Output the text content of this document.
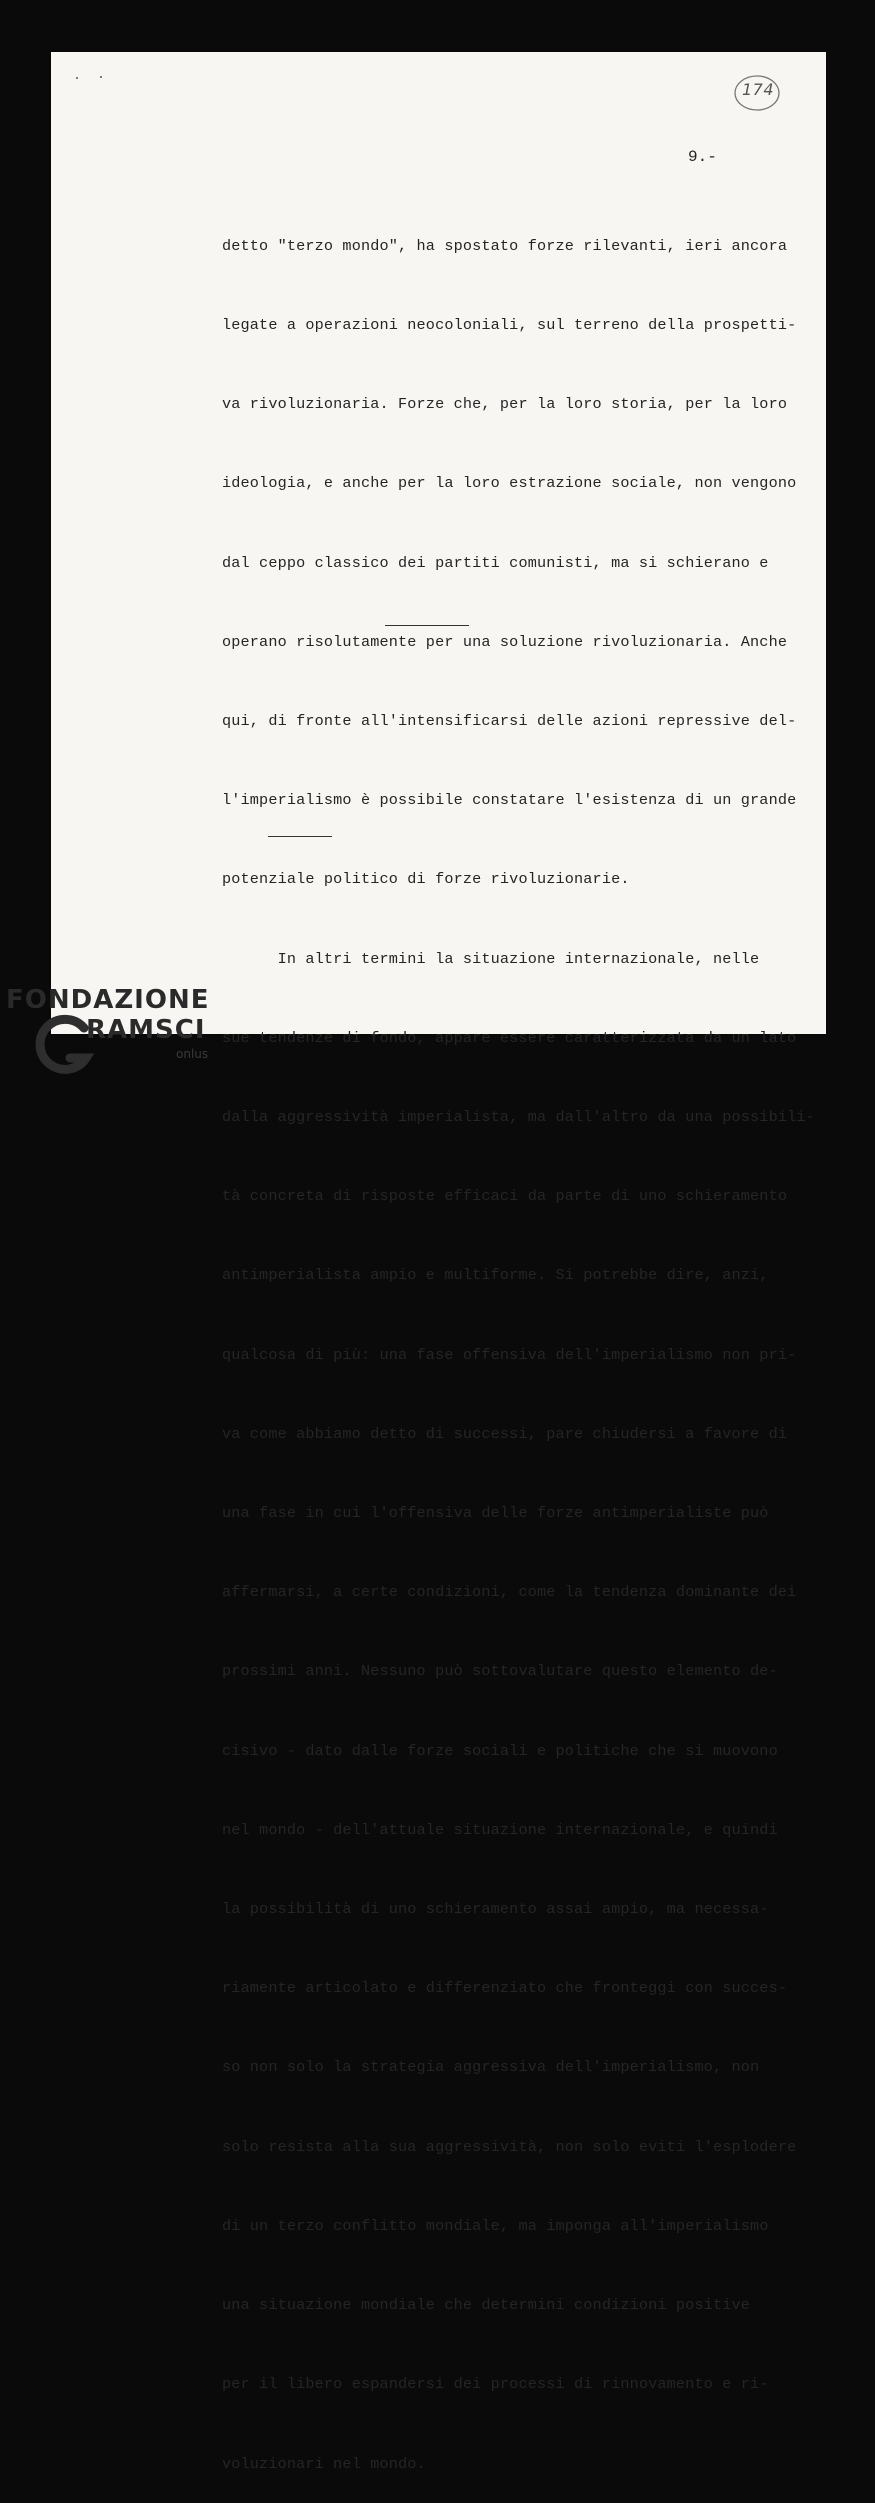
174
9.-

detto "terzo mondo", ha spostato forze rilevanti, ieri ancora

legate a operazioni neocoloniali, sul terreno della prospetti-

va rivoluzionaria. Forze che, per la loro storia, per la loro

ideologia, e anche per la loro estrazione sociale, non vengono

dal ceppo classico dei partiti comunisti, ma si schierano e

operano risolutamente per una soluzione rivoluzionaria. Anche

qui, di fronte all'intensificarsi delle azioni repressive del-

l'imperialismo è possibile constatare l'esistenza di un grande

potenziale politico di forze rivoluzionarie.

In altri termini la situazione internazionale, nelle

sue tendenze di fondo, appare essere caratterizzata da un lato

dalla aggressività imperialista, ma dall'altro da una possibili-

tà concreta di risposte efficaci da parte di uno schieramento

antimperialista ampio e multiforme. Si potrebbe dire, anzi,

qualcosa di più: una fase offensiva dell'imperialismo non pri-

va come abbiamo detto di successi, pare chiudersi a favore di

una fase in cui l'offensiva delle forze antimperialiste può

affermarsi, a certe condizioni, come la tendenza dominante dei

prossimi anni. Nessuno può sottovalutare questo elemento de-

cisivo - dato dalle forze sociali e politiche che si muovono

nel mondo - dell'attuale situazione internazionale, e quindi

la possibilità di uno schieramento assai ampio, ma necessa-

riamente articolato e differenziato che fronteggi con succes-

so non solo la strategia aggressiva dell'imperialismo, non

solo resista alla sua aggressività, non solo eviti l'esplodere

di un terzo conflitto mondiale, ma imponga all'imperialismo

una situazione mondiale che determini condizioni positive

per il libero espandersi dei processi di rinnovamento e ri-

voluzionari nel mondo.

FONDAZIONE
RAMSCI
onlus
